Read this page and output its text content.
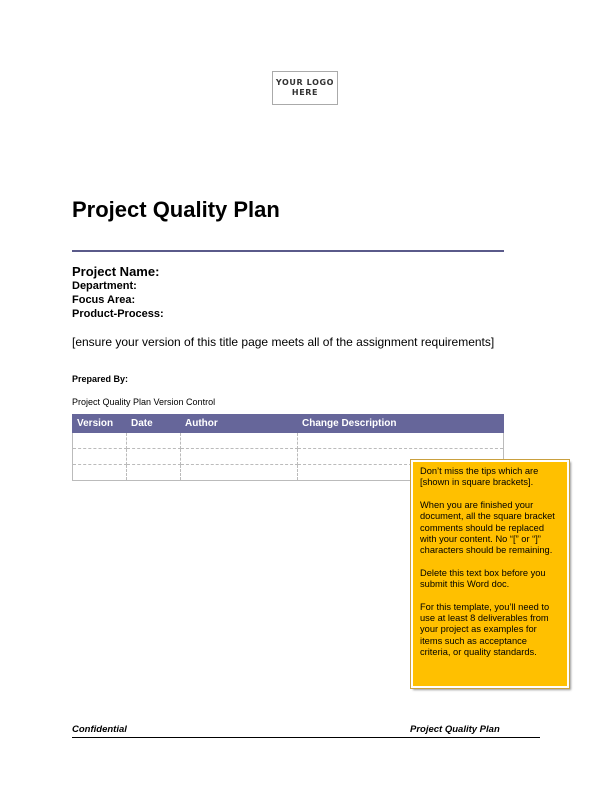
YOUR LOGO
HERE
Project Quality Plan
Project Name:
Department:
Focus Area:
Product-Process:
[ensure your version of this title page meets all of the assignment requirements]
Prepared By:
Project Quality Plan Version Control
Version	Date	Author	Change Description

Don’t miss the tips which are [shown in square brackets].

When you are finished your document, all the square bracket comments should be replaced with your content. No “[” or “]” characters should be remaining.

Delete this text box before you submit this Word doc.

For this template, you’ll need to use at least 8 deliverables from your project as examples for items such as acceptance criteria, or quality standards.

Confidential	Project Quality Plan
